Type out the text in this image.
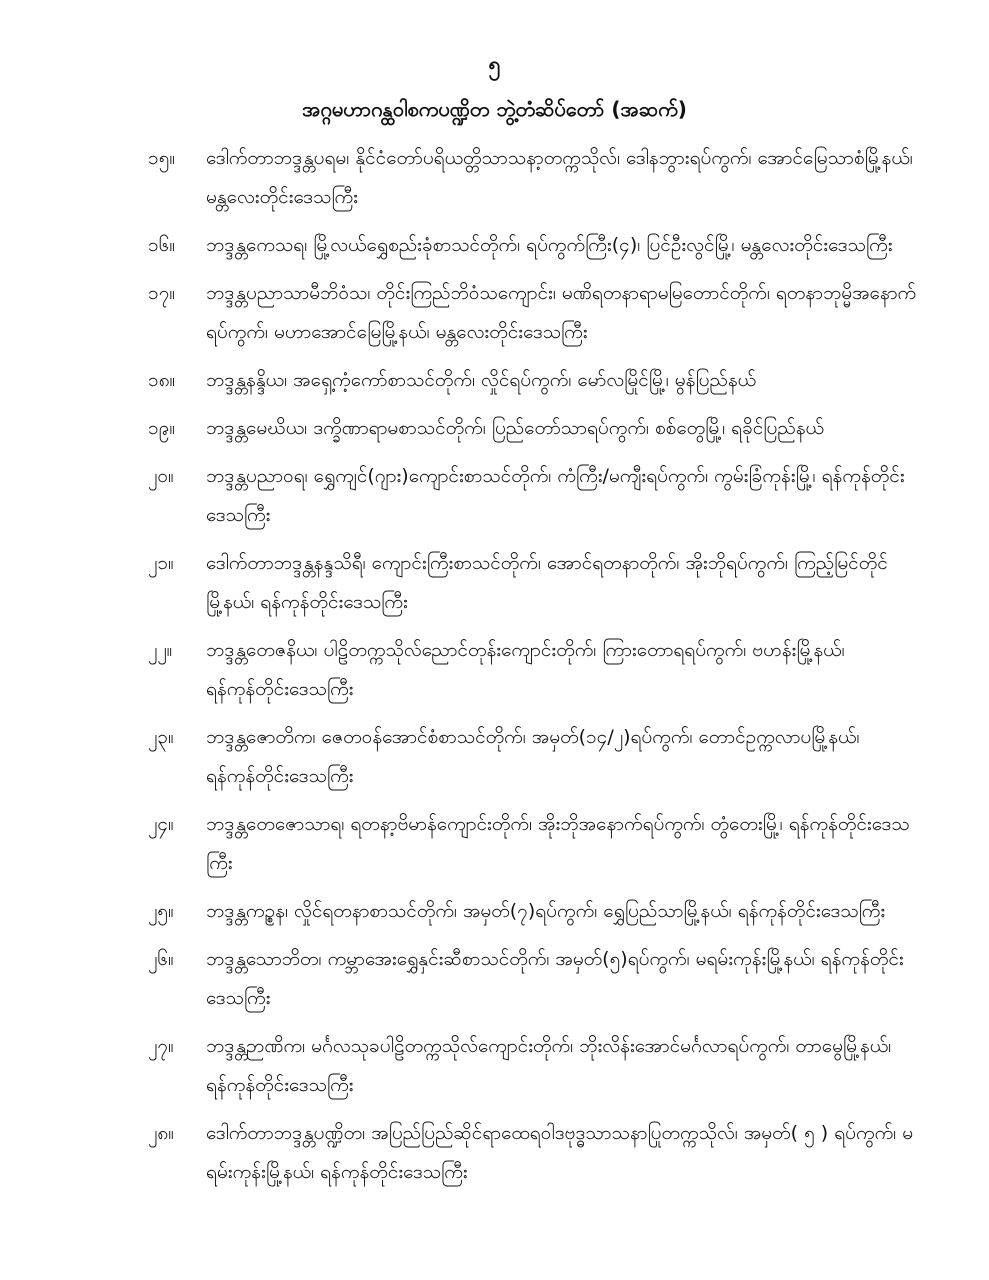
၅
အဂ္ဂမဟာဂန္ထဝါစကပဏ္ဍိတ ဘွဲ့တံဆိပ်တော် (အဆက်)
၁၅။	ဒေါက်တာဘဒ္ဒန္တပရမ၊ နိုင်ငံတော်ပရိယတ္တိသာသနာ့တက္ကသိုလ်၊ ဒေါနဘွားရပ်ကွက်၊ အောင်မြေသာစံမြို့နယ်၊ မန္တလေးတိုင်းဒေသကြီး
၁၆။	ဘဒ္ဒန္တကေသရ၊ မြို့လယ်ရွှေစည်းခုံစာသင်တိုက်၊ ရပ်ကွက်ကြီး(၄)၊ ပြင်ဦးလွင်မြို့၊ မန္တလေးတိုင်းဒေသကြီး
၁၇။	ဘဒ္ဒန္တပညာသာမီဘိဝံသ၊ တိုင်းကြည်ဘိဝံသကျောင်း၊ မဏိရတနာရာမမြတောင်တိုက်၊ ရတနာဘုမ္မိအနောက်ရပ်ကွက်၊ မဟာအောင်မြေမြို့နယ်၊ မန္တလေးတိုင်းဒေသကြီး
၁၈။	ဘဒ္ဒန္တနန္ဒိယ၊ အရှေ့ကံ့ကော်စာသင်တိုက်၊ လှိုင်ရပ်ကွက်၊ မော်လမြိုင်မြို့၊ မွန်ပြည်နယ်
၁၉။	ဘဒ္ဒန္တမေဃိယ၊ ဒက္ခိဏာရာမစာသင်တိုက်၊ ပြည်တော်သာရပ်ကွက်၊ စစ်တွေမြို့၊ ရခိုင်ပြည်နယ်
၂၀။	ဘဒ္ဒန္တပညာဝရ၊ ရွှေကျင်(ဂျား)ကျောင်းစာသင်တိုက်၊ ကံကြီး/မကျီးရပ်ကွက်၊ ကွမ်းခြံကုန်းမြို့၊ ရန်ကုန်တိုင်းဒေသကြီး
၂၁။	ဒေါက်တာဘဒ္ဒန္တနန္ဒသိရီ၊ ကျောင်းကြီးစာသင်တိုက်၊ အောင်ရတနာတိုက်၊ အိုးဘိုရပ်ကွက်၊ ကြည့်မြင်တိုင်မြို့နယ်၊ ရန်ကုန်တိုင်းဒေသကြီး
၂၂။	ဘဒ္ဒန္တတေဇနိယ၊ ပါဠိတက္ကသိုလ်ညောင်တုန်းကျောင်းတိုက်၊ ကြားတောရရပ်ကွက်၊ ဗဟန်းမြို့နယ်၊ ရန်ကုန်တိုင်းဒေသကြီး
၂၃။	ဘဒ္ဒန္တဇောတိက၊ ဇေတဝန်အောင်စံစာသင်တိုက်၊ အမှတ်(၁၄/၂)ရပ်ကွက်၊ တောင်ဥက္ကလာပမြို့နယ်၊ ရန်ကုန်တိုင်းဒေသကြီး
၂၄။	ဘဒ္ဒန္တတေဇောသာရ၊ ရတနာ့ဗိမာန်ကျောင်းတိုက်၊ အိုးဘိုအနောက်ရပ်ကွက်၊ တွံတေးမြို့၊ ရန်ကုန်တိုင်းဒေသကြီး
၂၅။	ဘဒ္ဒန္တကဉ္စန၊ လှိုင်ရတနာစာသင်တိုက်၊ အမှတ်(၇)ရပ်ကွက်၊ ရွှေပြည်သာမြို့နယ်၊ ရန်ကုန်တိုင်းဒေသကြီး
၂၆။	ဘဒ္ဒန္တသောဘိတ၊ ကမ္ဘာအေးရွှေနှင်းဆီစာသင်တိုက်၊ အမှတ်(၅)ရပ်ကွက်၊ မရမ်းကုန်းမြို့နယ်၊ ရန်ကုန်တိုင်းဒေသကြီး
၂၇။	ဘဒ္ဒန္တဉာဏိက၊ မင်္ဂလသုခပါဠိတက္ကသိုလ်ကျောင်းတိုက်၊ ဘိုးလိန်းအောင်မင်္ဂလာရပ်ကွက်၊ တာမွေမြို့နယ်၊ ရန်ကုန်တိုင်းဒေသကြီး
၂၈။	ဒေါက်တာဘဒ္ဒန္တပဏ္ဍိတ၊ အပြည်ပြည်ဆိုင်ရာထေရဝါဒဗုဒ္ဓသာသနာပြုတက္ကသိုလ်၊ အမှတ်( ၅ ) ရပ်ကွက်၊ မရမ်းကုန်းမြို့နယ်၊ ရန်ကုန်တိုင်းဒေသကြီး
